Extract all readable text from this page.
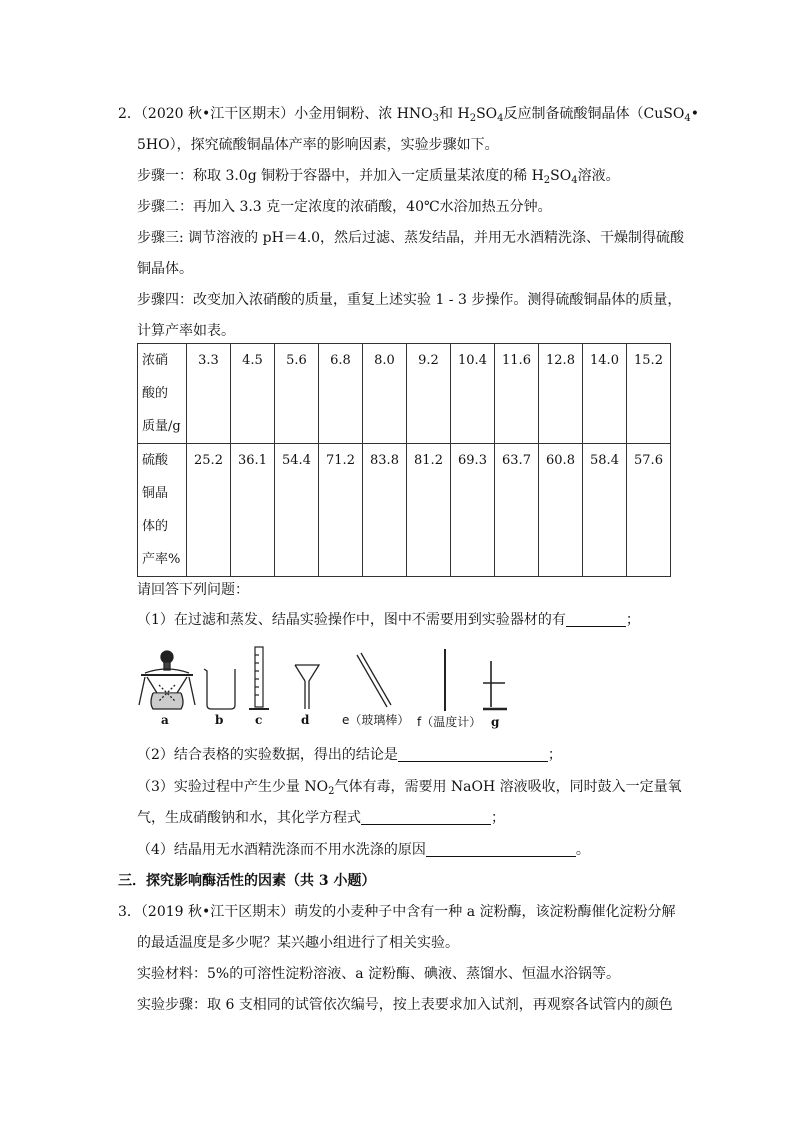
2．（2020 秋•江干区期末）小金用铜粉、浓 $HNO_3$和 $H_2SO_4$反应制备硫酸铜晶体（CuSO$_4$•
5HO），探究硫酸铜晶体产率的影响因素，实验步骤如下。
步骤一：称取 3.0g 铜粉于容器中，并加入一定质量某浓度的稀 $H_2SO_4$溶液。
步骤二：再加入 3.3 克一定浓度的浓硝酸，40℃水浴加热五分钟。
步骤三: 调节溶液的 pH＝4.0，然后过滤、蒸发结晶，并用无水酒精洗涤、干燥制得硫酸
铜晶体。
步骤四：改变加入浓硝酸的质量，重复上述实验 1 - 3 步操作。测得硫酸铜晶体的质量，
计算产率如表。
浓硝
酸的
质量/g	3.3	4.5	5.6	6.8	8.0	9.2	10.4	11.6	12.8	14.0	15.2
硫酸
铜晶
体的
产率%	25.2	36.1	54.4	71.2	83.8	81.2	69.3	63.7	60.8	58.4	57.6
请回答下列问题：
（1）在过滤和蒸发、结晶实验操作中，图中不需要用到实验器材的有	；
a	b	c	d	e（玻璃棒） f（温度计） g
（2）结合表格的实验数据，得出的结论是	；
（3）实验过程中产生少量 $NO_2$气体有毒，需要用 NaOH 溶液吸收，同时鼓入一定量氧
气，生成硝酸钠和水，其化学方程式	；
（4）结晶用无水酒精洗涤而不用水洗涤的原因	。
三．探究影响酶活性的因素（共 3 小题）
3．（2019 秋•江干区期末）萌发的小麦种子中含有一种 a 淀粉酶，该淀粉酶催化淀粉分解
的最适温度是多少呢？某兴趣小组进行了相关实验。
实验材料：5%的可溶性淀粉溶液、a 淀粉酶、碘液、蒸馏水、恒温水浴锅等。
实验步骤：取 6 支相同的试管依次编号，按上表要求加入试剂，再观察各试管内的颜色
